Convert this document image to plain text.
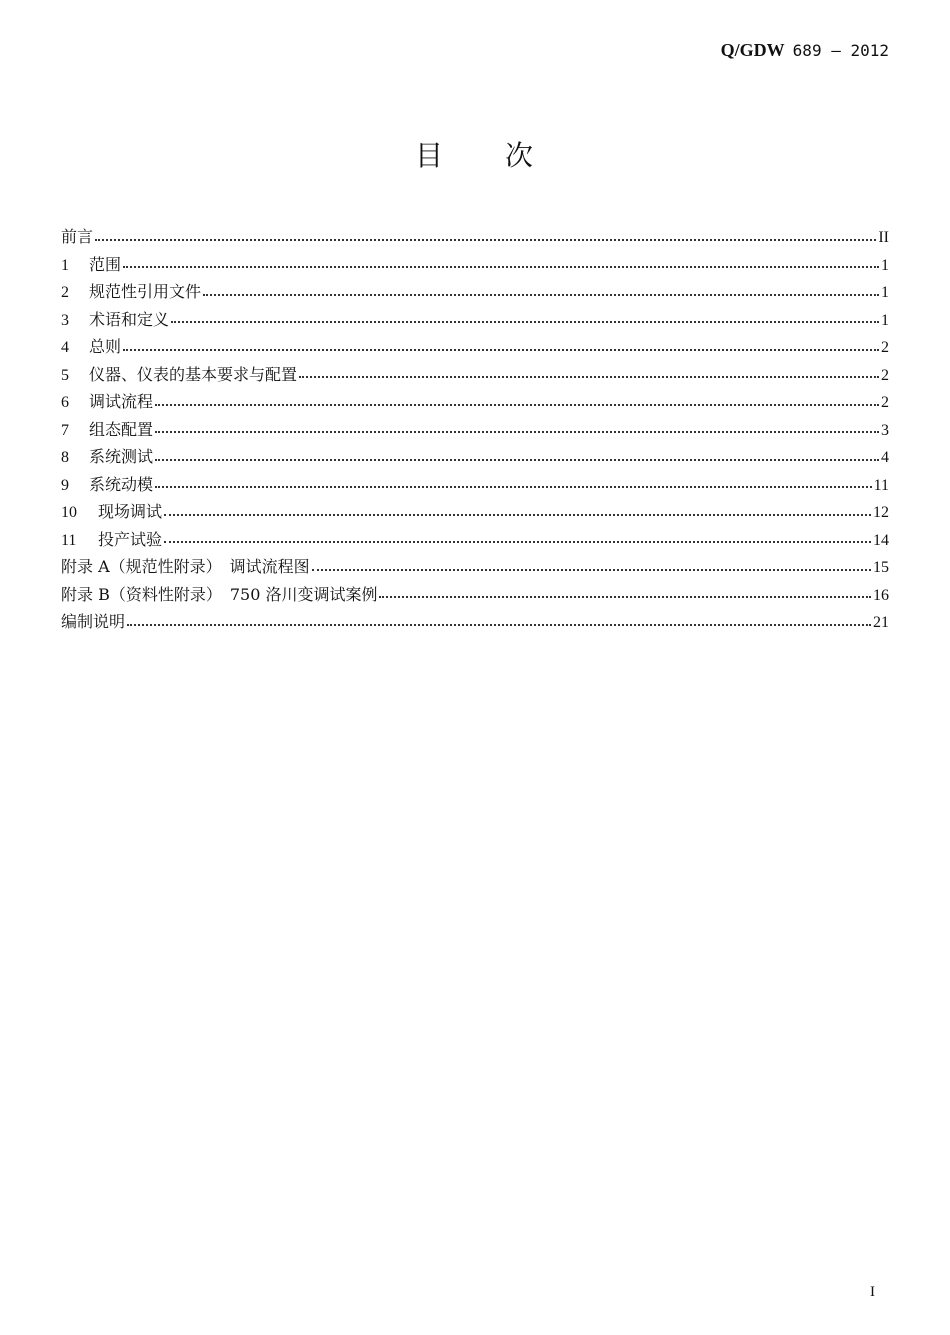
Q/GDW 689 — 2012
目　　次
前言	II
1	范围	1
2	规范性引用文件	1
3	术语和定义	1
4	总则	2
5	仪器、仪表的基本要求与配置	2
6	调试流程	2
7	组态配置	3
8	系统测试	4
9	系统动模	11
10	现场调试	12
11	投产试验	14
附录 A（规范性附录）　调试流程图	15
附录 B（资料性附录）　750 洛川变调试案例	16
编制说明	21
I
